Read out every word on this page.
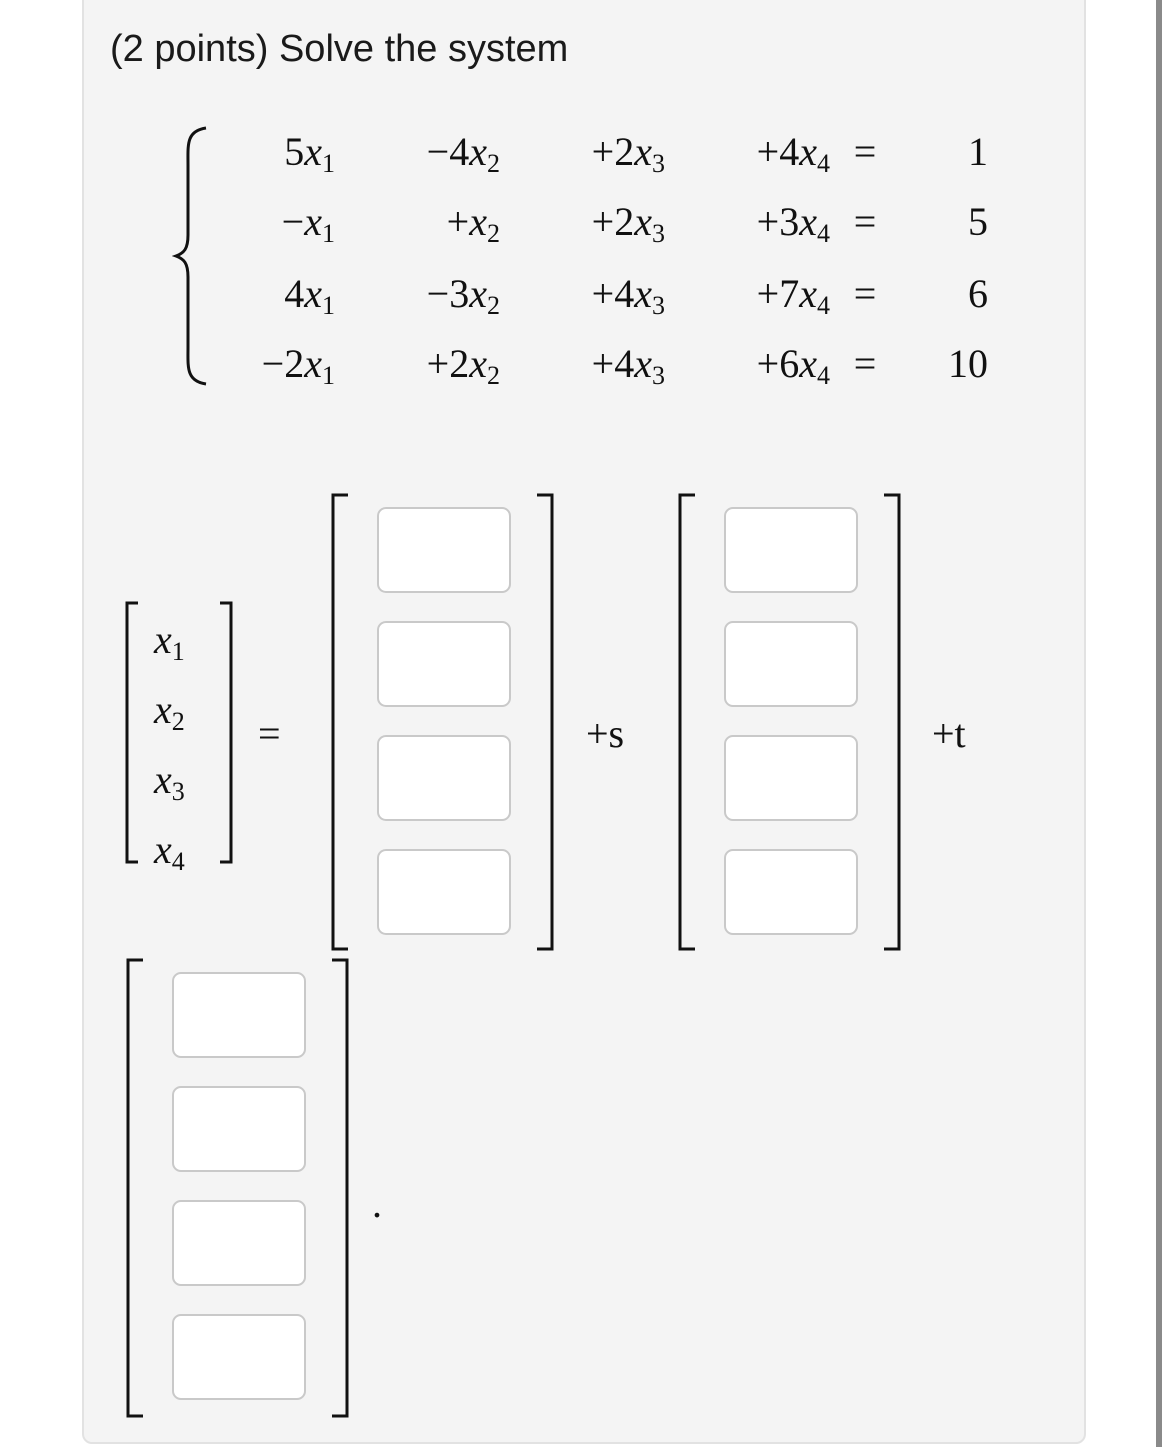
(2 points) Solve the system
$5x_1$	$-4x_2$	$+2x_3$	$+4x_4$ =	1
$-x_1$	$+x_2$	$+2x_3$	$+3x_4$ =	5
$4x_1$	$-3x_2$	$+4x_3$	$+7x_4$ =	6
$-2x_1$	$+2x_2$	$+4x_3$	$+6x_4$ =	10
$x_1$
$x_2$
$x_3$
$x_4$
=	+s	+t
.
